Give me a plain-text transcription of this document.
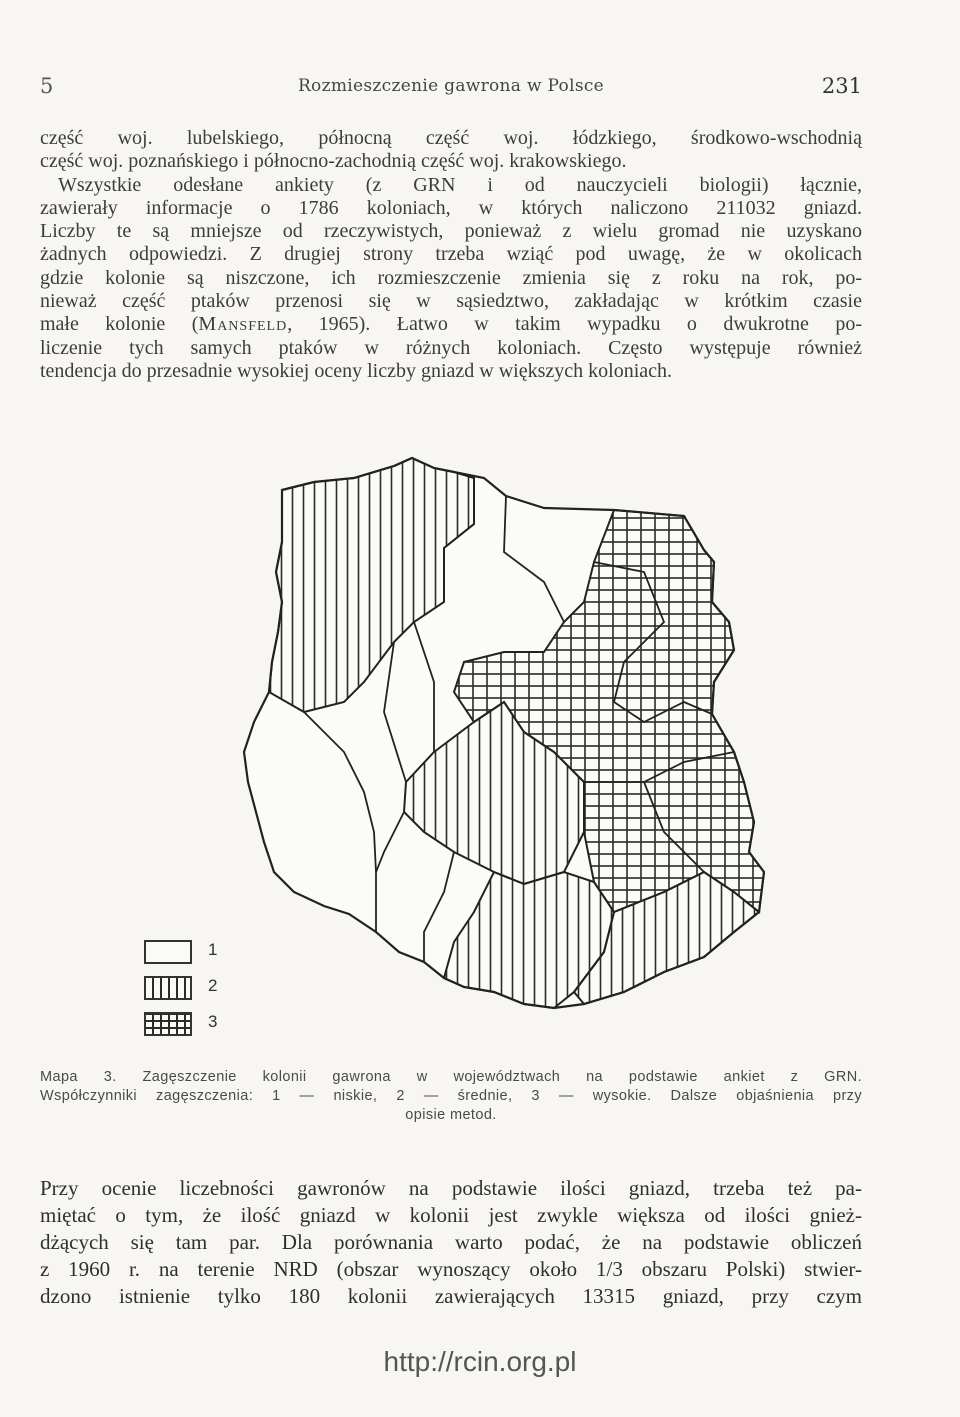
5	Rozmieszczenie gawrona w Polsce	231
część woj. lubelskiego, północną część woj. łódzkiego, środkowo-wschodnią
część woj. poznańskiego i północno-zachodnią część woj. krakowskiego.
Wszystkie odesłane ankiety (z GRN i od nauczycieli biologii) łącznie,
zawierały informacje o 1786 koloniach, w których naliczono 211032 gniazd.
Liczby te są mniejsze od rzeczywistych, ponieważ z wielu gromad nie uzyskano
żadnych odpowiedzi. Z drugiej strony trzeba wziąć pod uwagę, że w okolicach
gdzie kolonie są niszczone, ich rozmieszczenie zmienia się z roku na rok, po-
nieważ część ptaków przenosi się w sąsiedztwo, zakładając w krótkim czasie
małe kolonie (Mansfeld, 1965). Łatwo w takim wypadku o dwukrotne po-
liczenie tych samych ptaków w różnych koloniach. Często występuje również
tendencja do przesadnie wysokiej oceny liczby gniazd w większych koloniach.
1
2
3
Mapa 3. Zagęszczenie kolonii gawrona w województwach na podstawie ankiet z GRN.
Współczynniki zagęszczenia: 1 — niskie, 2 — średnie, 3 — wysokie. Dalsze objaśnienia przy
opisie metod.
Przy ocenie liczebności gawronów na podstawie ilości gniazd, trzeba też pa-
miętać o tym, że ilość gniazd w kolonii jest zwykle większa od ilości gnież-
dżących się tam par. Dla porównania warto podać, że na podstawie obliczeń
z 1960 r. na terenie NRD (obszar wynoszący około 1/3 obszaru Polski) stwier-
dzono istnienie tylko 180 kolonii zawierających 13315 gniazd, przy czym
http://rcin.org.pl
